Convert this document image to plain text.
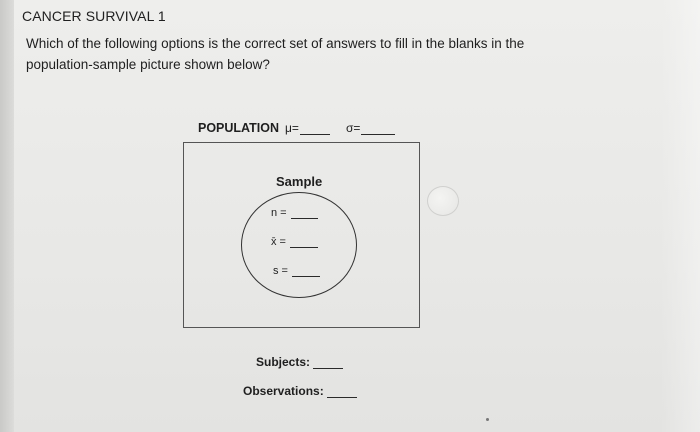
CANCER SURVIVAL 1
Which of the following options is the correct set of answers to fill in the blanks in the population-sample picture shown below?
POPULATION μ=	σ=
Sample
n =
x̄ =
s =
Subjects:
Observations:
